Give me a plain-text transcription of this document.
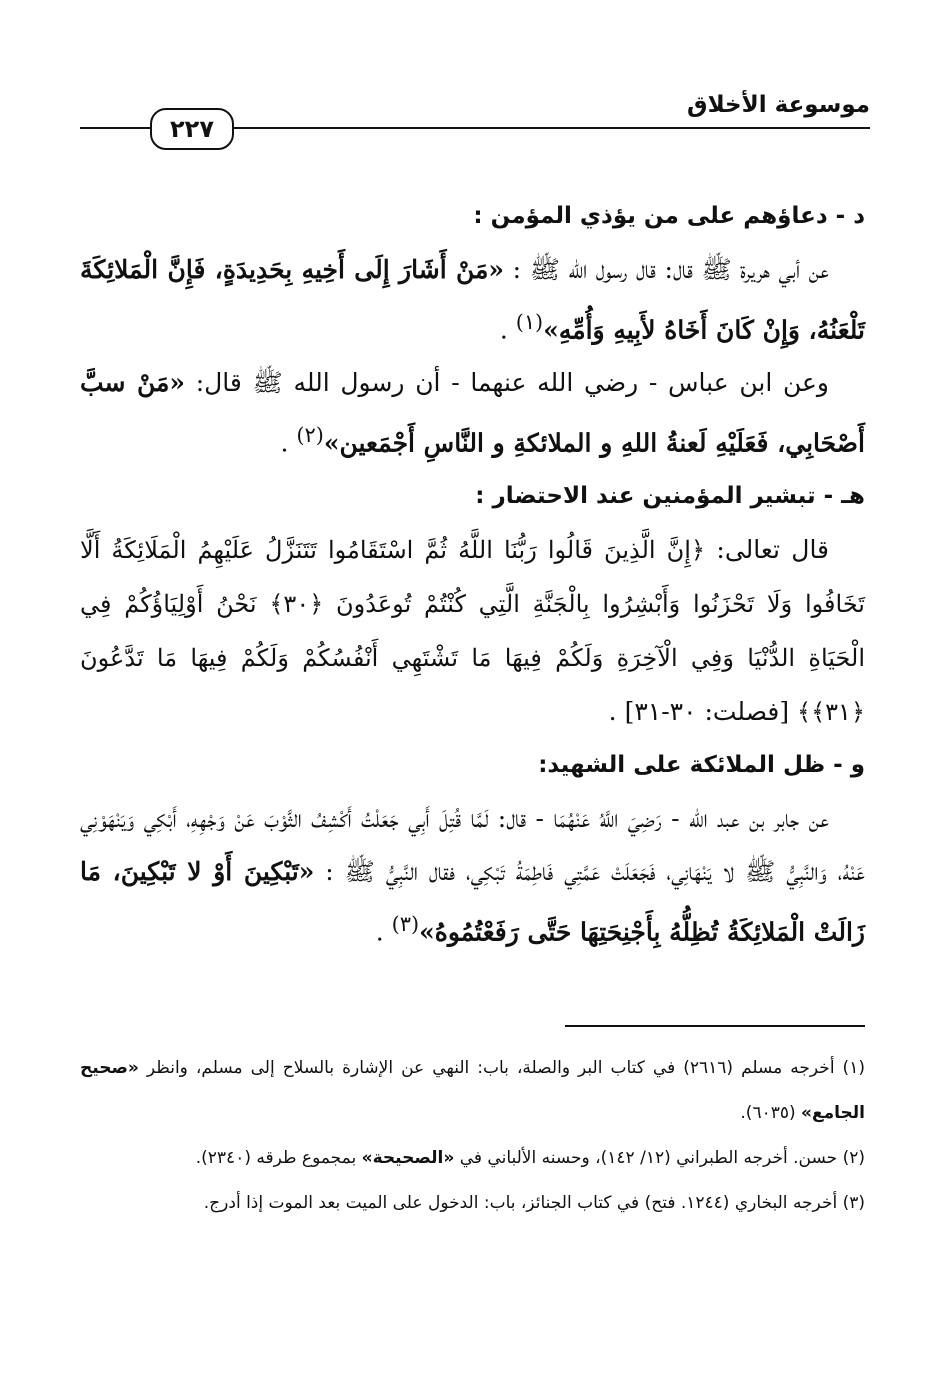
موسوعة الأخلاق
٢٢٧

د - دعاؤهم على من يؤذي المؤمن :

عن أبي هريرة ﷺ قال: قال رسول الله ﷺ : «مَنْ أَشَارَ إِلَى أَخِيهِ بِحَدِيدَةٍ، فَإِنَّ الْمَلائِكَةَ تَلْعَنُهُ، وَإِنْ كَانَ أَخَاهُ لأَبِيهِ وَأُمِّهِ»$^{(١)}$ .

وعن ابن عباس - رضي الله عنهما - أن رسول الله ﷺ قال: «مَنْ سبَّ أَصْحَابِي، فَعَلَيْهِ لَعنةُ اللهِ و الملائكةِ و النَّاسِ أَجْمَعين»$^{(٢)}$ .

هـ - تبشير المؤمنين عند الاحتضار :

قال تعالى: ﴿إِنَّ الَّذِينَ قَالُوا رَبُّنَا اللَّهُ ثُمَّ اسْتَقَامُوا تَتَنَزَّلُ عَلَيْهِمُ الْمَلَائِكَةُ أَلَّا تَخَافُوا وَلَا تَحْزَنُوا وَأَبْشِرُوا بِالْجَنَّةِ الَّتِي كُنْتُمْ تُوعَدُونَ ﴿٣٠﴾ نَحْنُ أَوْلِيَاؤُكُمْ فِي الْحَيَاةِ الدُّنْيَا وَفِي الْآخِرَةِ وَلَكُمْ فِيهَا مَا تَشْتَهِي أَنْفُسُكُمْ وَلَكُمْ فِيهَا مَا تَدَّعُونَ ﴿٣١﴾﴾ [فصلت: ٣٠-٣١] .

و - ظل الملائكة على الشهيد:

عن جابر بن عبد الله - رَضِيَ اللَّهُ عَنْهُمَا - قال: لَمَّا قُتِلَ أَبِي جَعَلْتُ أَكْشِفُ الثَّوْبَ عَنْ وَجْهِهِ، أَبْكِي وَيَنْهَوْنِي عَنْهُ، وَالنَّبِيُّ ﷺ لا يَنْهَانِي، فَجَعَلَتْ عَمَّتِي فَاطِمَةُ تَبْكِي، فقال النَّبِيُّ ﷺ : «تَبْكِينَ أَوْ لا تَبْكِينَ، مَا زَالَتْ الْمَلائِكَةُ تُظِلُّهُ بِأَجْنِحَتِهَا حَتَّى رَفَعْتُمُوهُ»$^{(٣)}$ .

(١) أخرجه مسلم (٢٦١٦) في كتاب البر والصلة، باب: النهي عن الإشارة بالسلاح إلى مسلم، وانظر «صحيح الجامع» (٦٠٣٥).

(٢) حسن. أخرجه الطبراني (١٢/ ١٤٢)، وحسنه الألباني في «الصحيحة» بمجموع طرقه (٢٣٤٠).

(٣) أخرجه البخاري (١٢٤٤. فتح) في كتاب الجنائز، باب: الدخول على الميت بعد الموت إذا أدرج.
